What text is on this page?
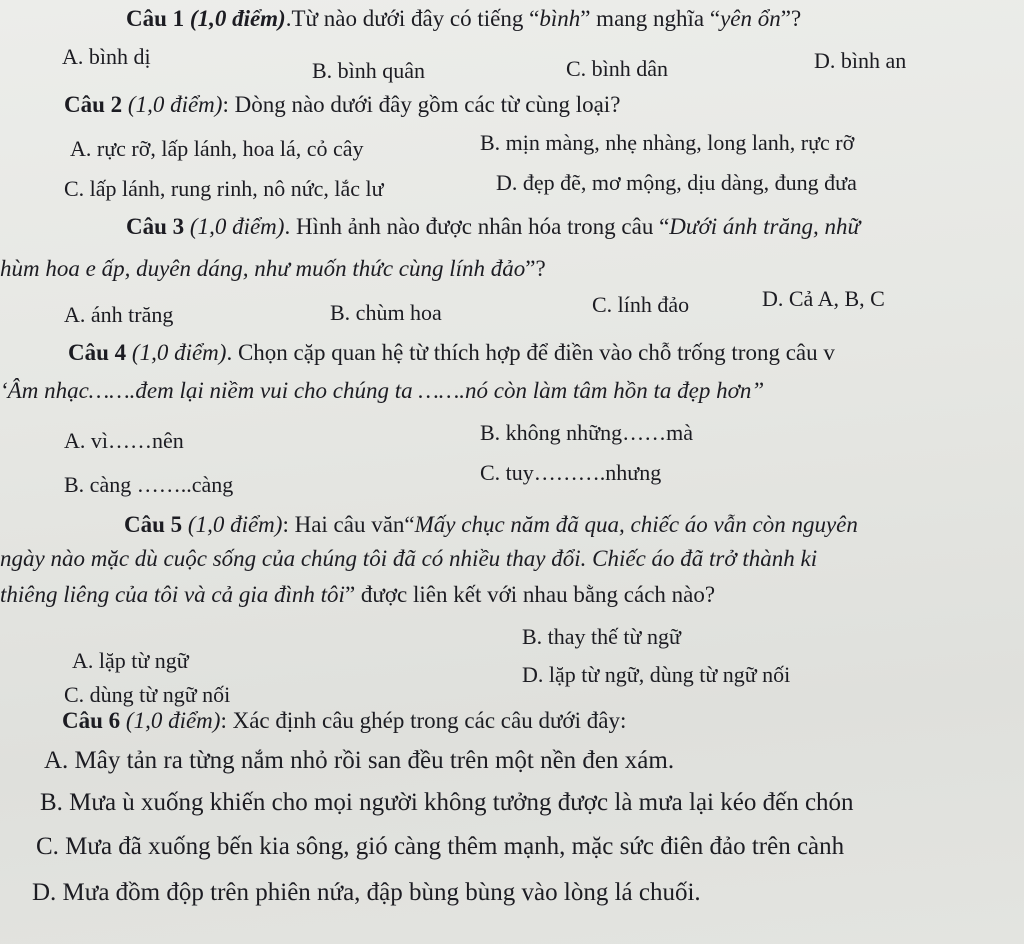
Câu 1 (1,0 điểm).Từ nào dưới đây có tiếng “bình” mang nghĩa “yên ổn”?
A. bình dị
B. bình quân	C. bình dân	D. bình an
Câu 2 (1,0 điểm): Dòng nào dưới đây gồm các từ cùng loại?
A. rực rỡ, lấp lánh, hoa lá, cỏ cây	B. mịn màng, nhẹ nhàng, long lanh, rực rỡ
C. lấp lánh, rung rinh, nô nức, lắc lư	D. đẹp đẽ, mơ mộng, dịu dàng, đung đưa
Câu 3 (1,0 điểm). Hình ảnh nào được nhân hóa trong câu “Dưới ánh trăng, nhữ
hùm hoa e ấp, duyên dáng, như muốn thức cùng lính đảo”?
A. ánh trăng	B. chùm hoa	C. lính đảo	D. Cả A, B, C
Câu 4 (1,0 điểm). Chọn cặp quan hệ từ thích hợp để điền vào chỗ trống trong câu v
‘Âm nhạc…….đem lại niềm vui cho chúng ta …….nó còn làm tâm hồn ta đẹp hơn”
A. vì……nên	B. không những……mà
B. càng ……..càng	C. tuy……….nhưng
Câu 5 (1,0 điểm): Hai câu văn“Mấy chục năm đã qua, chiếc áo vẫn còn nguyên
ngày nào mặc dù cuộc sống của chúng tôi đã có nhiều thay đổi. Chiếc áo đã trở thành ki
thiêng liêng của tôi và cả gia đình tôi” được liên kết với nhau bằng cách nào?
A. lặp từ ngữ
B. thay thế từ ngữ
C. dùng từ ngữ nối
D. lặp từ ngữ, dùng từ ngữ nối
Câu 6 (1,0 điểm): Xác định câu ghép trong các câu dưới đây:
A. Mây tản ra từng nắm nhỏ rồi san đều trên một nền đen xám.
B. Mưa ù xuống khiến cho mọi người không tưởng được là mưa lại kéo đến chón
C. Mưa đã xuống bến kia sông, gió càng thêm mạnh, mặc sức điên đảo trên cành
D. Mưa đồm độp trên phiên nứa, đập bùng bùng vào lòng lá chuối.
